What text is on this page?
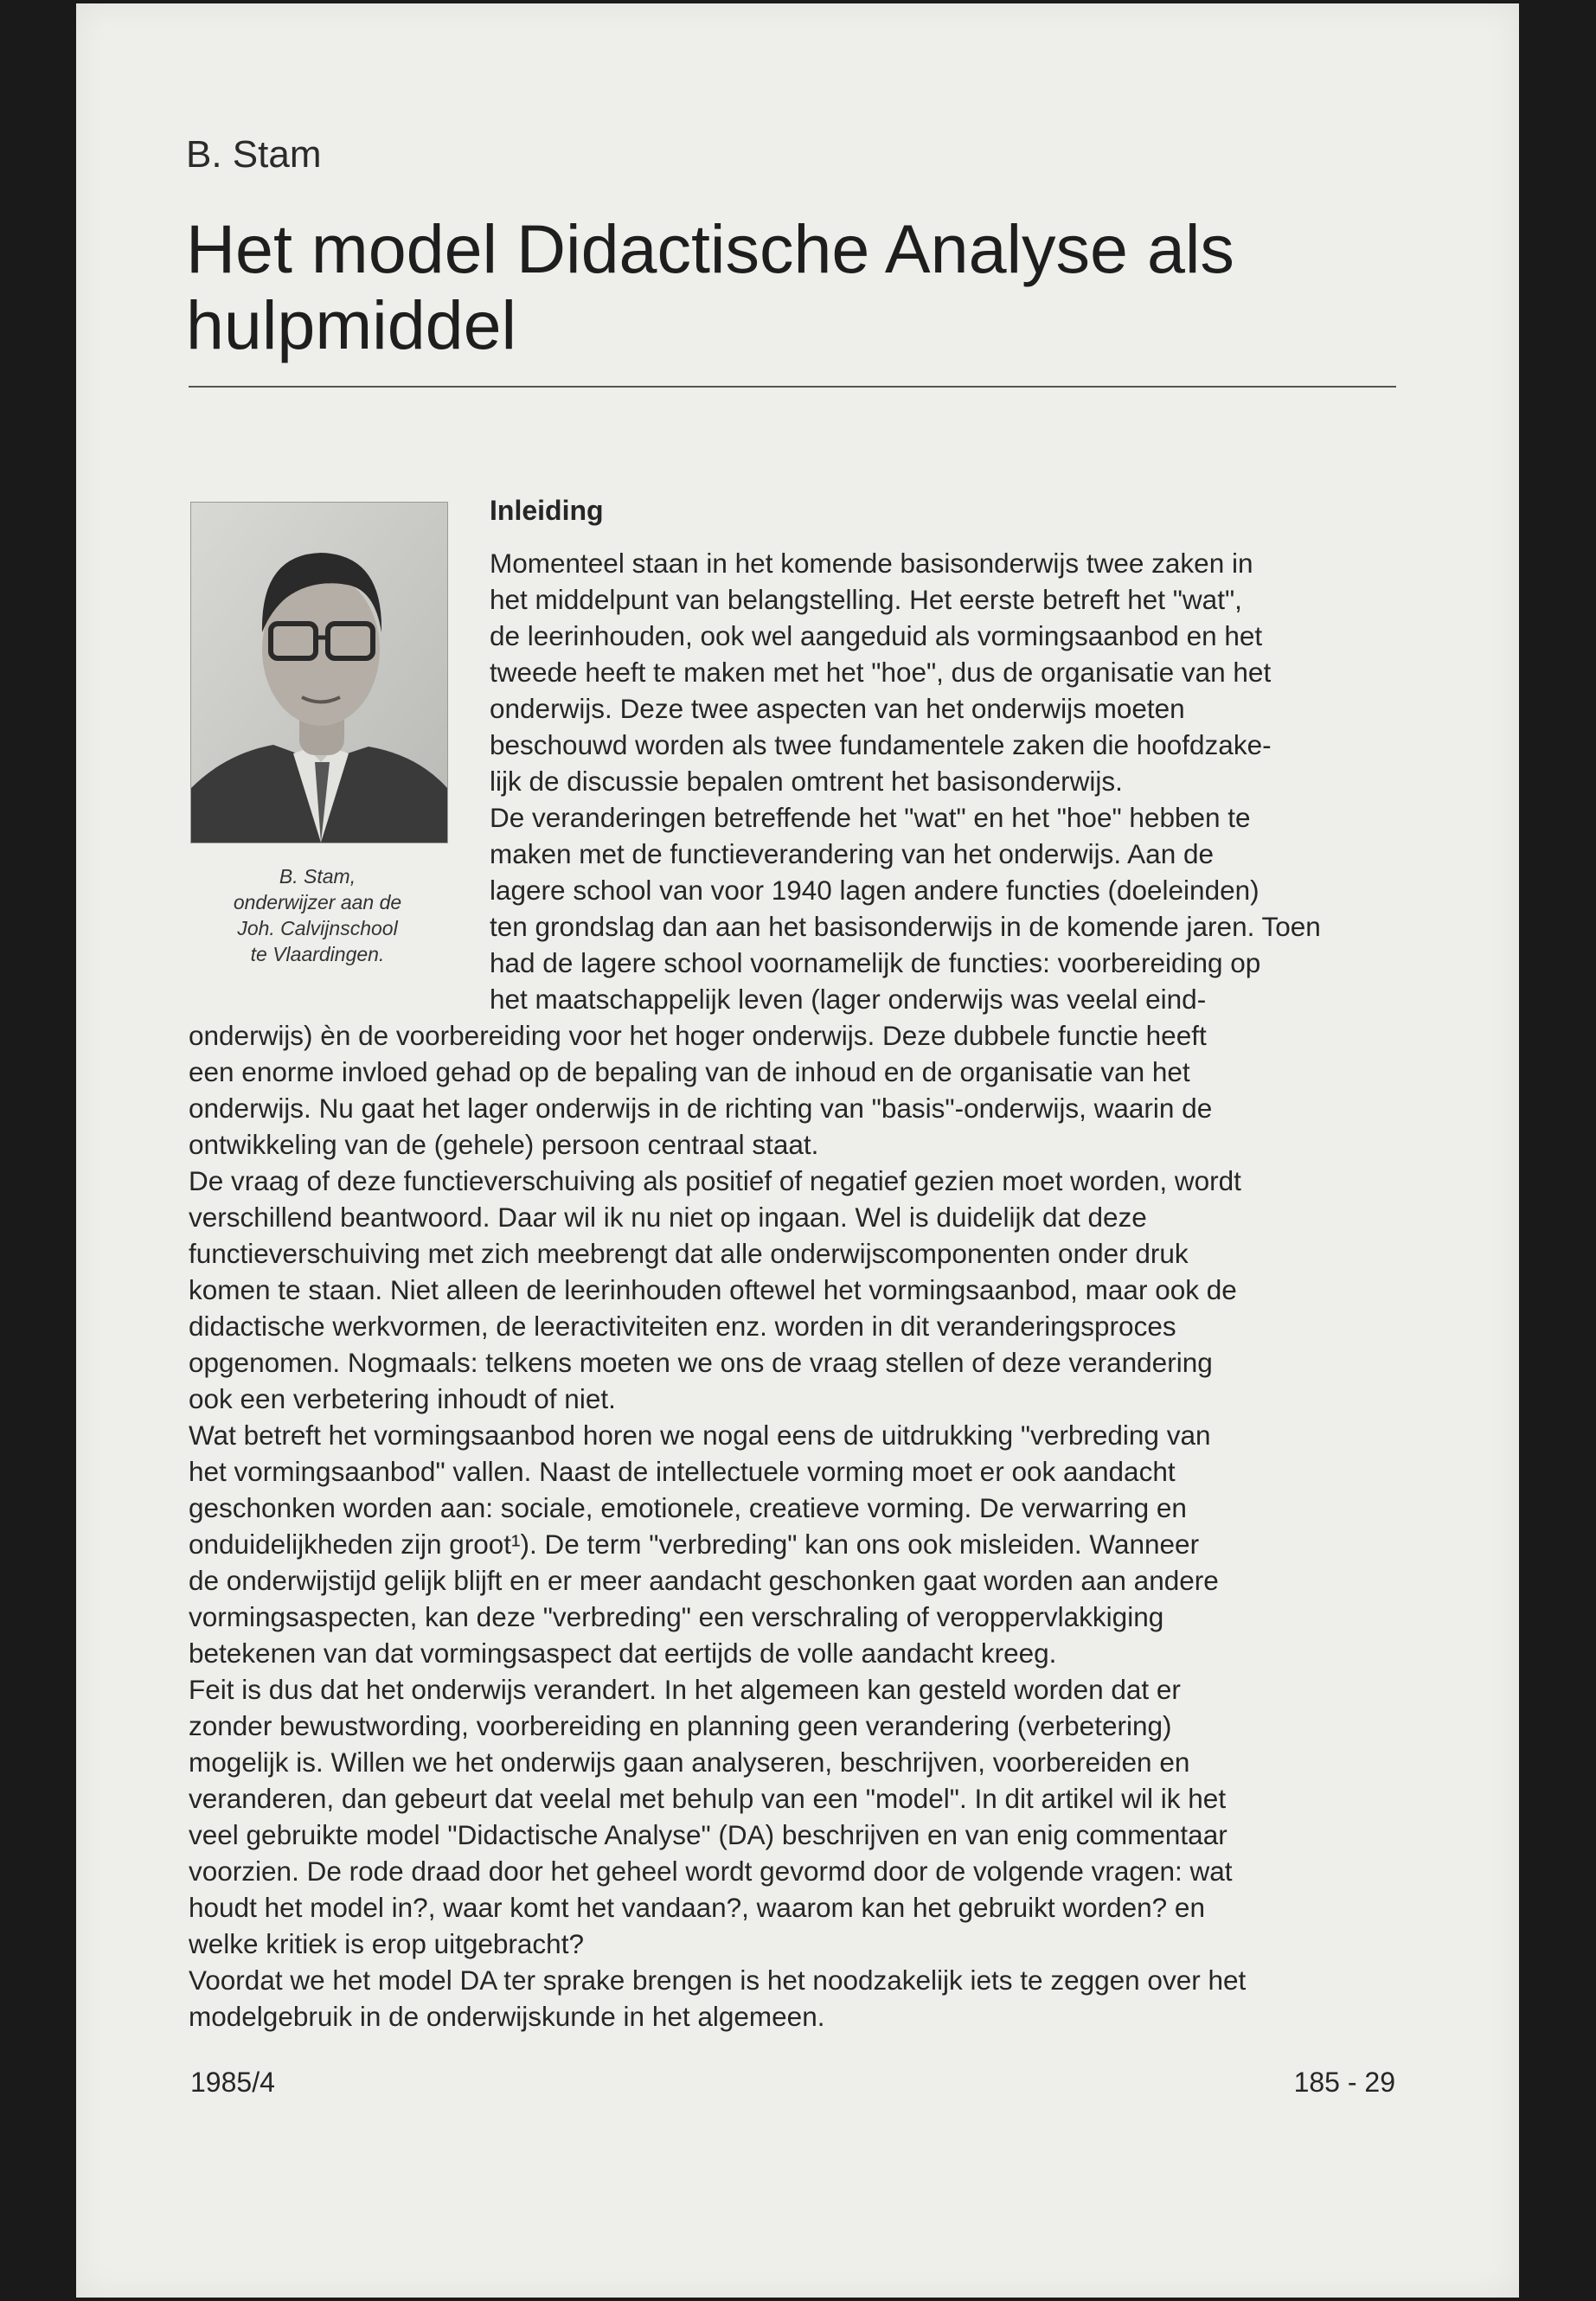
B. Stam
Het model Didactische Analyse als
hulpmiddel
B. Stam,
onderwijzer aan de
Joh. Calvijnschool
te Vlaardingen.
Inleiding
Momenteel staan in het komende basisonderwijs twee zaken in
het middelpunt van belangstelling. Het eerste betreft het "wat",
de leerinhouden, ook wel aangeduid als vormingsaanbod en het
tweede heeft te maken met het "hoe", dus de organisatie van het
onderwijs. Deze twee aspecten van het onderwijs moeten
beschouwd worden als twee fundamentele zaken die hoofdzake-
lijk de discussie bepalen omtrent het basisonderwijs.
De veranderingen betreffende het "wat" en het "hoe" hebben te
maken met de functieverandering van het onderwijs. Aan de
lagere school van voor 1940 lagen andere functies (doeleinden)
ten grondslag dan aan het basisonderwijs in de komende jaren. Toen
had de lagere school voornamelijk de functies: voorbereiding op
het maatschappelijk leven (lager onderwijs was veelal eind-
onderwijs) èn de voorbereiding voor het hoger onderwijs. Deze dubbele functie heeft
een enorme invloed gehad op de bepaling van de inhoud en de organisatie van het
onderwijs. Nu gaat het lager onderwijs in de richting van "basis"-onderwijs, waarin de
ontwikkeling van de (gehele) persoon centraal staat.
De vraag of deze functieverschuiving als positief of negatief gezien moet worden, wordt
verschillend beantwoord. Daar wil ik nu niet op ingaan. Wel is duidelijk dat deze
functieverschuiving met zich meebrengt dat alle onderwijscomponenten onder druk
komen te staan. Niet alleen de leerinhouden oftewel het vormingsaanbod, maar ook de
didactische werkvormen, de leeractiviteiten enz. worden in dit veranderingsproces
opgenomen. Nogmaals: telkens moeten we ons de vraag stellen of deze verandering
ook een verbetering inhoudt of niet.
Wat betreft het vormingsaanbod horen we nogal eens de uitdrukking "verbreding van
het vormingsaanbod" vallen. Naast de intellectuele vorming moet er ook aandacht
geschonken worden aan: sociale, emotionele, creatieve vorming. De verwarring en
onduidelijkheden zijn groot¹). De term "verbreding" kan ons ook misleiden. Wanneer
de onderwijstijd gelijk blijft en er meer aandacht geschonken gaat worden aan andere
vormingsaspecten, kan deze "verbreding" een verschraling of veroppervlakkiging
betekenen van dat vormingsaspect dat eertijds de volle aandacht kreeg.
Feit is dus dat het onderwijs verandert. In het algemeen kan gesteld worden dat er
zonder bewustwording, voorbereiding en planning geen verandering (verbetering)
mogelijk is. Willen we het onderwijs gaan analyseren, beschrijven, voorbereiden en
veranderen, dan gebeurt dat veelal met behulp van een "model". In dit artikel wil ik het
veel gebruikte model "Didactische Analyse" (DA) beschrijven en van enig commentaar
voorzien. De rode draad door het geheel wordt gevormd door de volgende vragen: wat
houdt het model in?, waar komt het vandaan?, waarom kan het gebruikt worden? en
welke kritiek is erop uitgebracht?
Voordat we het model DA ter sprake brengen is het noodzakelijk iets te zeggen over het
modelgebruik in de onderwijskunde in het algemeen.
1985/4	185 - 29
